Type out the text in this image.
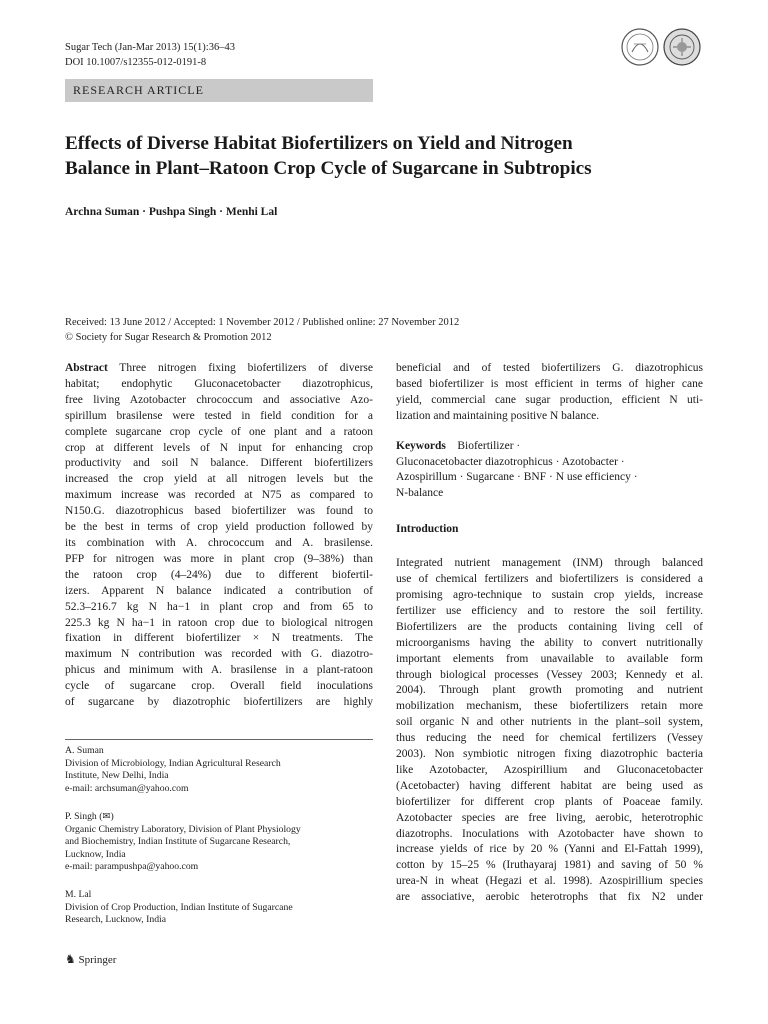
Sugar Tech (Jan-Mar 2013) 15(1):36–43
DOI 10.1007/s12355-012-0191-8
RESEARCH ARTICLE
Effects of Diverse Habitat Biofertilizers on Yield and Nitrogen
Balance in Plant–Ratoon Crop Cycle of Sugarcane in Subtropics
Archna Suman · Pushpa Singh · Menhi Lal
Received: 13 June 2012 / Accepted: 1 November 2012 / Published online: 27 November 2012
© Society for Sugar Research & Promotion 2012
Abstract Three nitrogen fixing biofertilizers of diverse
habitat; endophytic Gluconacetobacter diazotrophicus,
free living Azotobacter chrococcum and associative Azo-
spirillum brasilense were tested in field condition for a
complete sugarcane crop cycle of one plant and a ratoon
crop at different levels of N input for enhancing crop
productivity and soil N balance. Different biofertilizers
increased the crop yield at all nitrogen levels but the
maximum increase was recorded at N75 as compared to
N150.G. diazotrophicus based biofertilizer was found to
be the best in terms of crop yield production followed by
its combination with A. chrococcum and A. brasilense.
PFP for nitrogen was more in plant crop (9–38%) than
the ratoon crop (4–24%) due to different biofertil-
izers. Apparent N balance indicated a contribution of
52.3–216.7 kg N ha−1 in plant crop and from 65 to
225.3 kg N ha−1 in ratoon crop due to biological nitrogen
fixation in different biofertilizer × N treatments. The
maximum N contribution was recorded with G. diazotro-
phicus and minimum with A. brasilense in a plant-ratoon
cycle of sugarcane crop. Overall field inoculations
of sugarcane by diazotrophic biofertilizers are highly
A. Suman
Division of Microbiology, Indian Agricultural Research
Institute, New Delhi, India
e-mail: archsuman@yahoo.com
P. Singh (✉)
Organic Chemistry Laboratory, Division of Plant Physiology
and Biochemistry, Indian Institute of Sugarcane Research,
Lucknow, India
e-mail: parampushpa@yahoo.com
M. Lal
Division of Crop Production, Indian Institute of Sugarcane
Research, Lucknow, India
beneficial and of tested biofertilizers G. diazotrophicus
based biofertilizer is most efficient in terms of higher cane
yield, commercial cane sugar production, efficient N uti-
lization and maintaining positive N balance.
Keywords Biofertilizer ·
Gluconacetobacter diazotrophicus · Azotobacter ·
Azospirillum · Sugarcane · BNF · N use efficiency ·
N-balance
Introduction
Integrated nutrient management (INM) through balanced
use of chemical fertilizers and biofertilizers is considered a
promising agro-technique to sustain crop yields, increase
fertilizer use efficiency and to restore the soil fertility.
Biofertilizers are the products containing living cell of
microorganisms having the ability to convert nutritionally
important elements from unavailable to available form
through biological processes (Vessey 2003; Kennedy et al.
2004). Through plant growth promoting and nutrient
mobilization mechanism, these biofertilizers retain more
soil organic N and other nutrients in the plant–soil system,
thus reducing the need for chemical fertilizers (Vessey
2003). Non symbiotic nitrogen fixing diazotrophic bacteria
like Azotobacter, Azospirillium and Gluconacetobacter
(Acetobacter) having different habitat are being used as
biofertilizer for different crop plants of Poaceae family.
Azotobacter species are free living, aerobic, heterotrophic
diazotrophs. Inoculations with Azotobacter have shown to
increase yields of rice by 20 % (Yanni and El-Fattah 1999),
cotton by 15–25 % (Iruthayaraj 1981) and saving of 50 %
urea-N in wheat (Hegazi et al. 1998). Azospirillium species
are associative, aerobic heterotrophs that fix N2 under
♞ Springer
